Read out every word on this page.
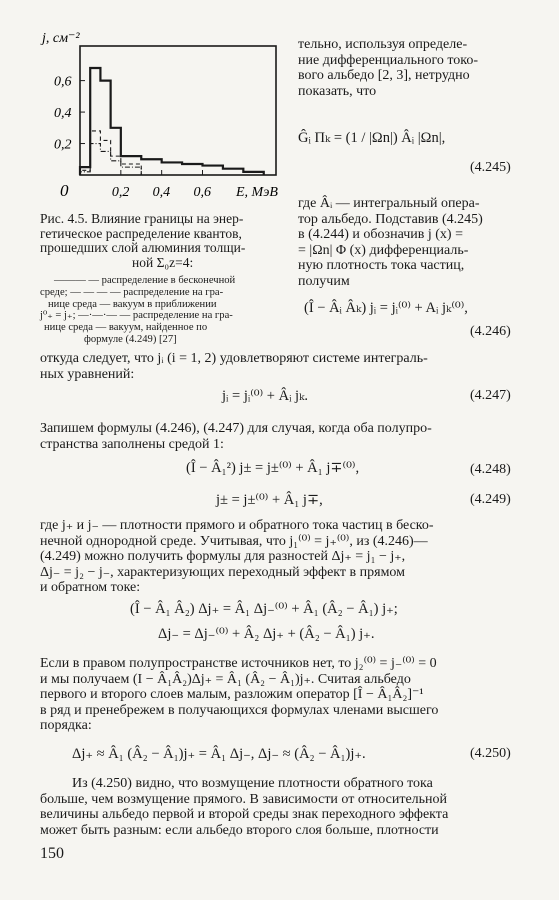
0	0,2 0,4 0,6
0,2
0,4
0,6
j, см⁻²
E, МэВ
Рис. 4.5. Влияние границы на энер-
гетическое распределение квантов,
прошедших слой алюминия толщи-
ной Σ₀z=4:
——— — распределение в бесконечной
среде; — — — — распределение на гра-
нице среда — вакуум в приближении
j⁰₊ = j₊; —·—·— — распределение на гра-
нице среда — вакуум, найденное по
формуле (4.249) [27]
тельно, используя определе-
ние дифференциального токо-
вого альбедо [2, 3], нетрудно
показать, что
Ĝᵢ Πₖ = (1 / |Ωn|) Âᵢ |Ωn|,
(4.245)
где Âᵢ — интегральный опера-
тор альбедо. Подставив (4.245)
в (4.244) и обозначив j (x) =
= |Ωn| Φ (x) дифференциаль-
ную плотность тока частиц,
получим
(Î − Âᵢ Âₖ) jᵢ = jᵢ⁽⁰⁾ + Aᵢ jₖ⁽⁰⁾,
(4.246)
откуда следует, что jᵢ (i = 1, 2) удовлетворяют системе интеграль-
ных уравнений:
jᵢ = jᵢ⁽⁰⁾ + Âᵢ jₖ.	(4.247)
Запишем формулы (4.246), (4.247) для случая, когда оба полупро-
странства заполнены средой 1:
(Î − Â₁²) j± = j±⁽⁰⁾ + Â₁ j∓⁽⁰⁾,	(4.248)
j± = j±⁽⁰⁾ + Â₁ j∓,	(4.249)
где j₊ и j₋ — плотности прямого и обратного тока частиц в беско-
нечной однородной среде. Учитывая, что j₁⁽⁰⁾ = j₊⁽⁰⁾, из (4.246)—
(4.249) можно получить формулы для разностей Δj₊ = j₁ − j₊,
Δj₋ = j₂ − j₋, характеризующих переходный эффект в прямом
и обратном токе:
(Î − Â₁ Â₂) Δj₊ = Â₁ Δj₋⁽⁰⁾ + Â₁ (Â₂ − Â₁) j₊;
Δj₋ = Δj₋⁽⁰⁾ + Â₂ Δj₊ + (Â₂ − Â₁) j₊.
Если в правом полупространстве источников нет, то j₂⁽⁰⁾ = j₋⁽⁰⁾ = 0
и мы получаем (I − Â₁Â₂)Δj₊ = Â₁ (Â₂ − Â₁)j₊. Считая альбедо
первого и второго слоев малым, разложим оператор [Î − Â₁Â₂]⁻¹
в ряд и пренебрежем в получающихся формулах членами высшего
порядка:
Δj₊ ≈ Â₁ (Â₂ − Â₁)j₊ = Â₁ Δj₋, Δj₋ ≈ (Â₂ − Â₁)j₊.	(4.250)
Из (4.250) видно, что возмущение плотности обратного тока
больше, чем возмущение прямого. В зависимости от относительной
величины альбедо первой и второй среды знак переходного эффекта
может быть разным: если альбедо второго слоя больше, плотности
150
